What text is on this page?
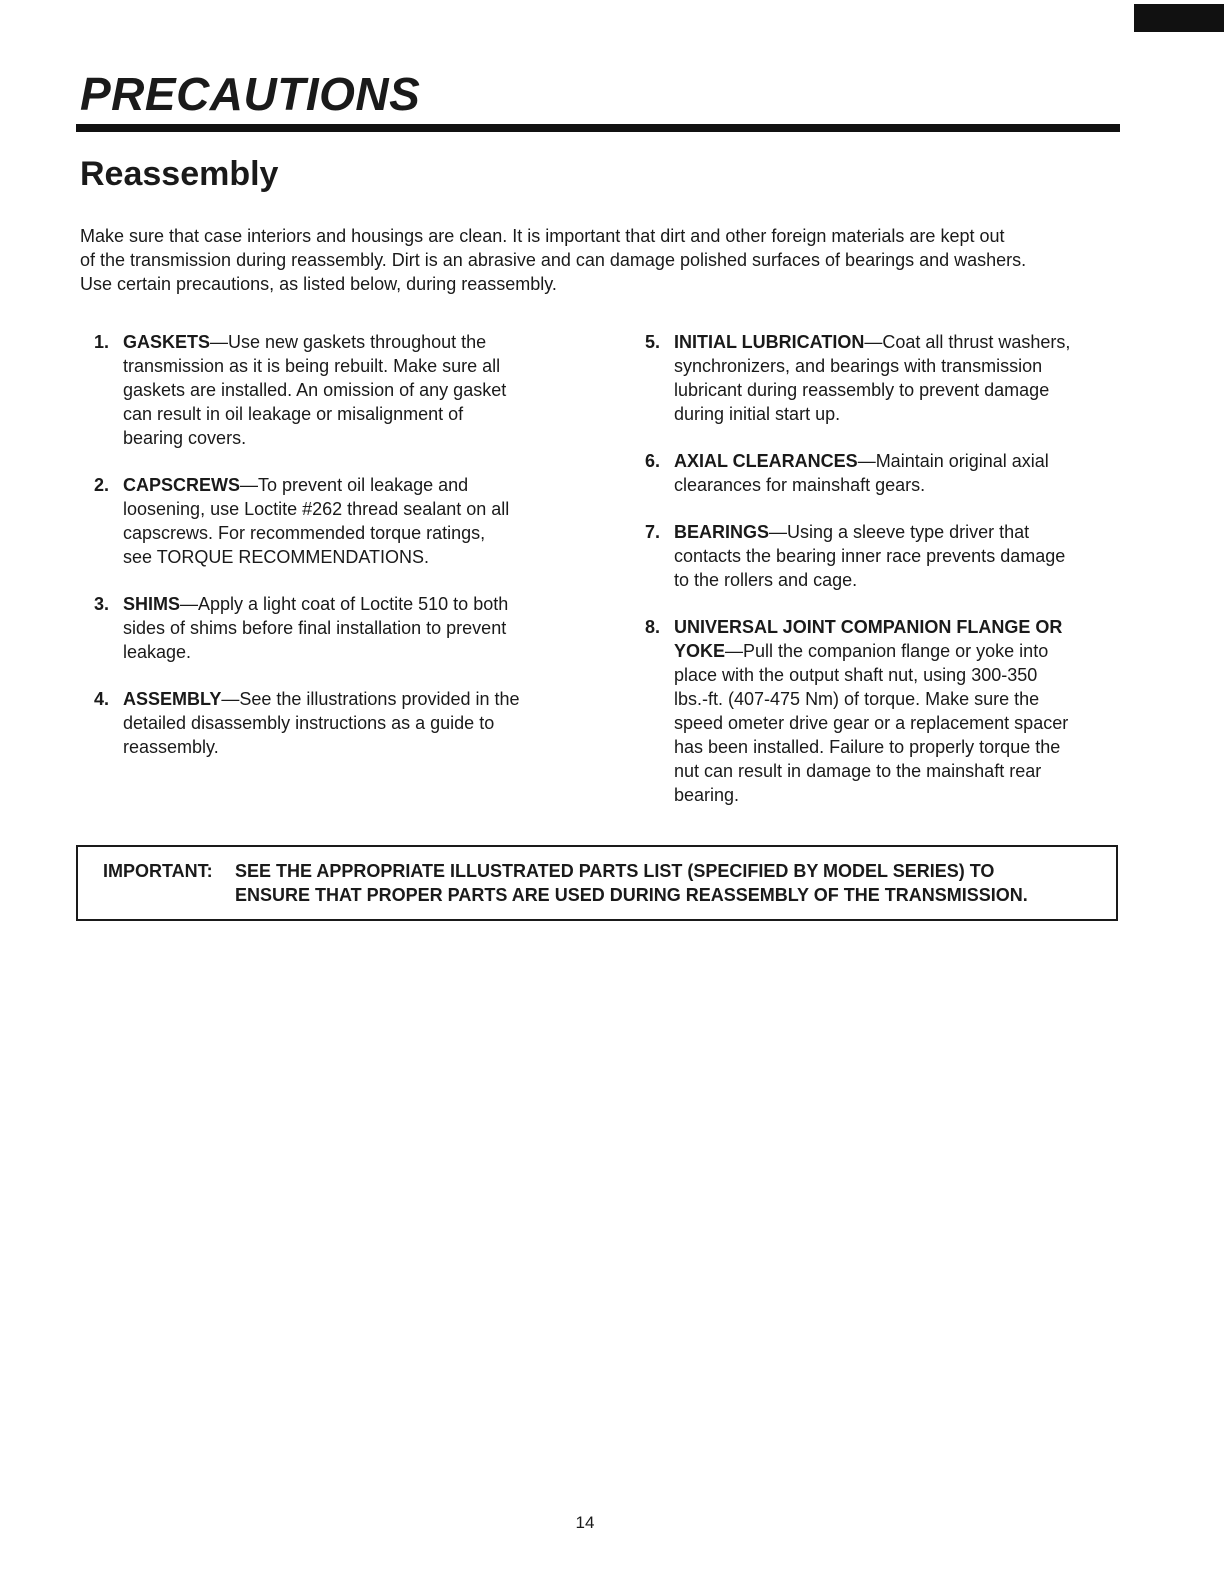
PRECAUTIONS
Reassembly

Make sure that case interiors and housings are clean. It is important that dirt and other foreign materials are kept out
of the transmission during reassembly. Dirt is an abrasive and can damage polished surfaces of bearings and washers.
Use certain precautions, as listed below, during reassembly.

1. GASKETS—Use new gaskets throughout the
transmission as it is being rebuilt. Make sure all
gaskets are installed. An omission of any gasket
can result in oil leakage or misalignment of
bearing covers.
2. CAPSCREWS—To prevent oil leakage and
loosening, use Loctite #262 thread sealant on all
capscrews. For recommended torque ratings,
see TORQUE RECOMMENDATIONS.
3. SHIMS—Apply a light coat of Loctite 510 to both
sides of shims before final installation to prevent
leakage.
4. ASSEMBLY—See the illustrations provided in the
detailed disassembly instructions as a guide to
reassembly.
5. INITIAL LUBRICATION—Coat all thrust washers,
synchronizers, and bearings with transmission
lubricant during reassembly to prevent damage
during initial start up.
6. AXIAL CLEARANCES—Maintain original axial
clearances for mainshaft gears.
7. BEARINGS—Using a sleeve type driver that
contacts the bearing inner race prevents damage
to the rollers and cage.
8. UNIVERSAL JOINT COMPANION FLANGE OR
YOKE—Pull the companion flange or yoke into
place with the output shaft nut, using 300-350
lbs.-ft. (407-475 Nm) of torque. Make sure the
speed ometer drive gear or a replacement spacer
has been installed. Failure to properly torque the
nut can result in damage to the mainshaft rear
bearing.
IMPORTANT: SEE THE APPROPRIATE ILLUSTRATED PARTS LIST (SPECIFIED BY MODEL SERIES) TO
ENSURE THAT PROPER PARTS ARE USED DURING REASSEMBLY OF THE TRANSMISSION.
14
